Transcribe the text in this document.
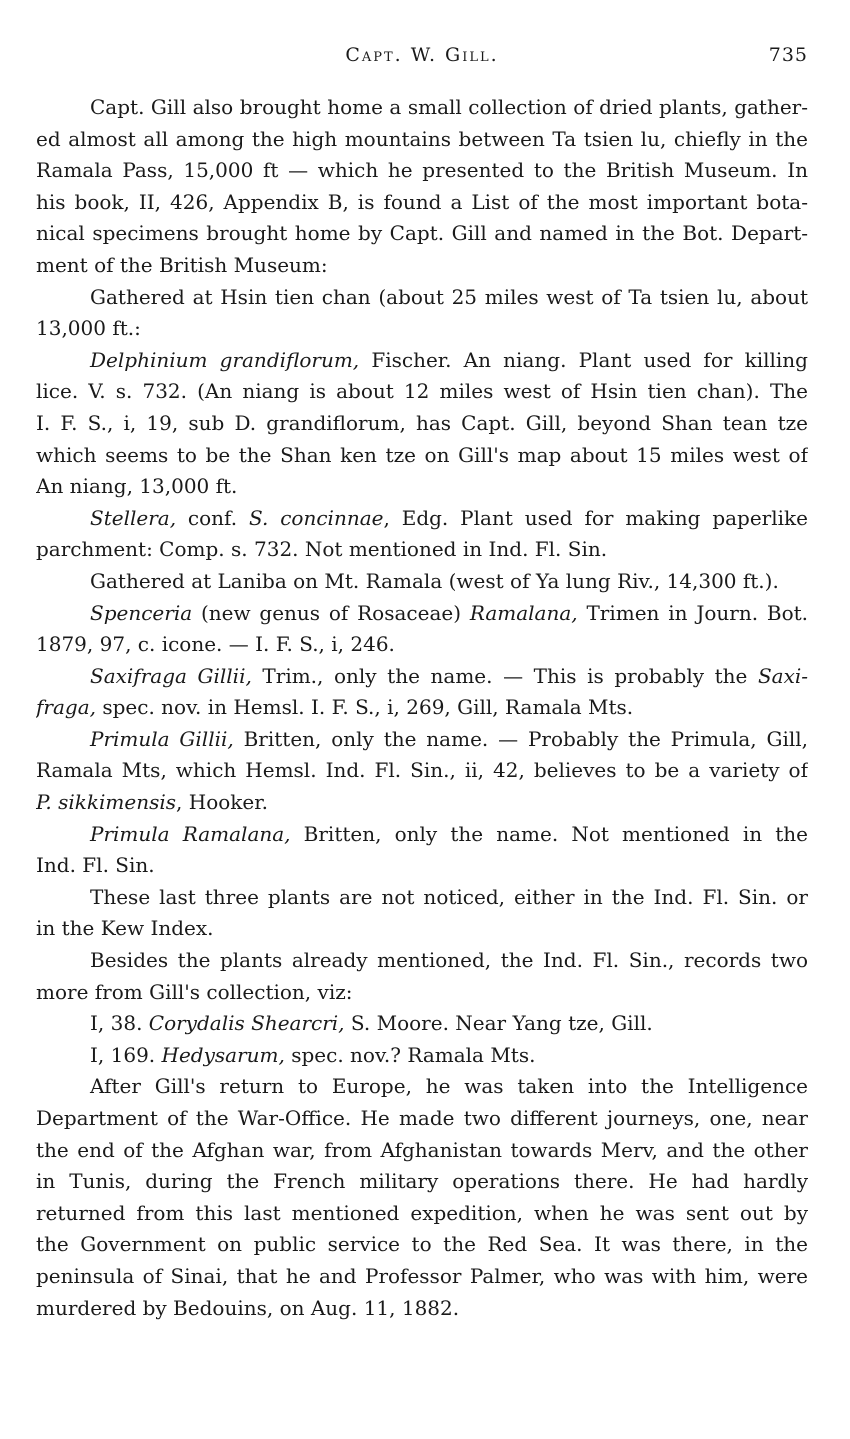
Capt. W. Gill.	735
Capt. Gill also brought home a small collection of dried plants, gather-
ed almost all among the high mountains between Ta tsien lu, chiefly in the
Ramala Pass, 15,000 ft — which he presented to the British Museum. In
his book, II, 426, Appendix B, is found a List of the most important bota-
nical specimens brought home by Capt. Gill and named in the Bot. Depart-
ment of the British Museum:
Gathered at Hsin tien chan (about 25 miles west of Ta tsien lu, about
13,000 ft.:
Delphinium grandiflorum, Fischer. An niang. Plant used for killing
lice. V. s. 732. (An niang is about 12 miles west of Hsin tien chan). The
I. F. S., i, 19, sub D. grandiflorum, has Capt. Gill, beyond Shan tean tze
which seems to be the Shan ken tze on Gill's map about 15 miles west of
An niang, 13,000 ft.
Stellera, conf. S. concinnae, Edg. Plant used for making paperlike
parchment: Comp. s. 732. Not mentioned in Ind. Fl. Sin.
Gathered at Laniba on Mt. Ramala (west of Ya lung Riv., 14,300 ft.).
Spenceria (new genus of Rosaceae) Ramalana, Trimen in Journ. Bot.
1879, 97, c. icone. — I. F. S., i, 246.
Saxifraga Gillii, Trim., only the name. — This is probably the Saxi-
fraga, spec. nov. in Hemsl. I. F. S., i, 269, Gill, Ramala Mts.
Primula Gillii, Britten, only the name. — Probably the Primula, Gill,
Ramala Mts, which Hemsl. Ind. Fl. Sin., ii, 42, believes to be a variety of
P. sikkimensis, Hooker.
Primula Ramalana, Britten, only the name. Not mentioned in the
Ind. Fl. Sin.
These last three plants are not noticed, either in the Ind. Fl. Sin. or
in the Kew Index.
Besides the plants already mentioned, the Ind. Fl. Sin., records two
more from Gill's collection, viz:
I, 38. Corydalis Shearcri, S. Moore. Near Yang tze, Gill.
I, 169. Hedysarum, spec. nov.? Ramala Mts.
After Gill's return to Europe, he was taken into the Intelligence
Department of the War-Office. He made two different journeys, one, near
the end of the Afghan war, from Afghanistan towards Merv, and the other
in Tunis, during the French military operations there. He had hardly
returned from this last mentioned expedition, when he was sent out by
the Government on public service to the Red Sea. It was there, in the
peninsula of Sinai, that he and Professor Palmer, who was with him, were
murdered by Bedouins, on Aug. 11, 1882.
